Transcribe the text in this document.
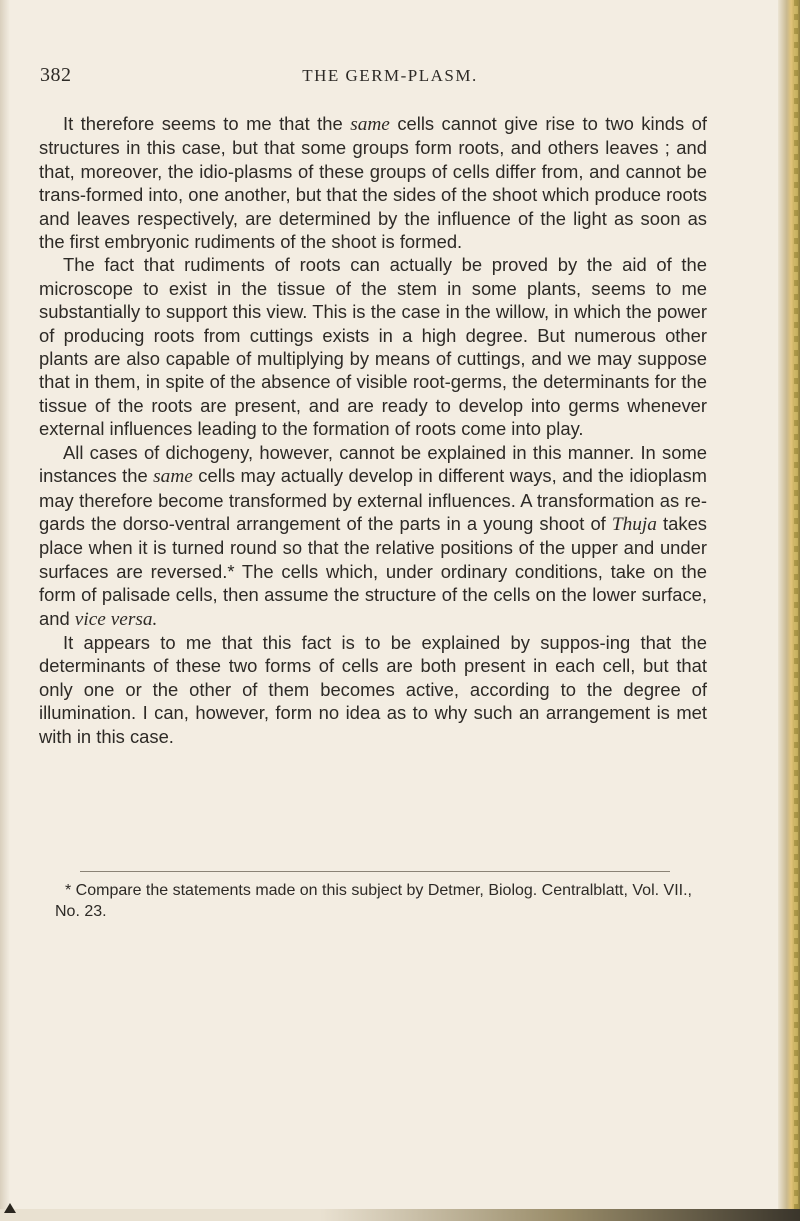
382	THE GERM-PLASM.

It therefore seems to me that the same cells cannot give rise to two kinds of structures in this case, but that some groups form roots, and others leaves ; and that, moreover, the idio-plasms of these groups of cells differ from, and cannot be trans-formed into, one another, but that the sides of the shoot which produce roots and leaves respectively, are determined by the influence of the light as soon as the first embryonic rudiments of the shoot is formed.

The fact that rudiments of roots can actually be proved by the aid of the microscope to exist in the tissue of the stem in some plants, seems to me substantially to support this view. This is the case in the willow, in which the power of producing roots from cuttings exists in a high degree. But numerous other plants are also capable of multiplying by means of cuttings, and we may suppose that in them, in spite of the absence of visible root-germs, the determinants for the tissue of the roots are present, and are ready to develop into germs whenever external influences leading to the formation of roots come into play.

All cases of dichogeny, however, cannot be explained in this manner. In some instances the same cells may actually develop in different ways, and the idioplasm may therefore become transformed by external influences. A transformation as re-gards the dorso-ventral arrangement of the parts in a young shoot of Thuja takes place when it is turned round so that the relative positions of the upper and under surfaces are reversed.* The cells which, under ordinary conditions, take on the form of palisade cells, then assume the structure of the cells on the lower surface, and vice versa.

It appears to me that this fact is to be explained by suppos-ing that the determinants of these two forms of cells are both present in each cell, but that only one or the other of them becomes active, according to the degree of illumination. I can, however, form no idea as to why such an arrangement is met with in this case.

* Compare the statements made on this subject by Detmer, Biolog. Centralblatt, Vol. VII., No. 23.
